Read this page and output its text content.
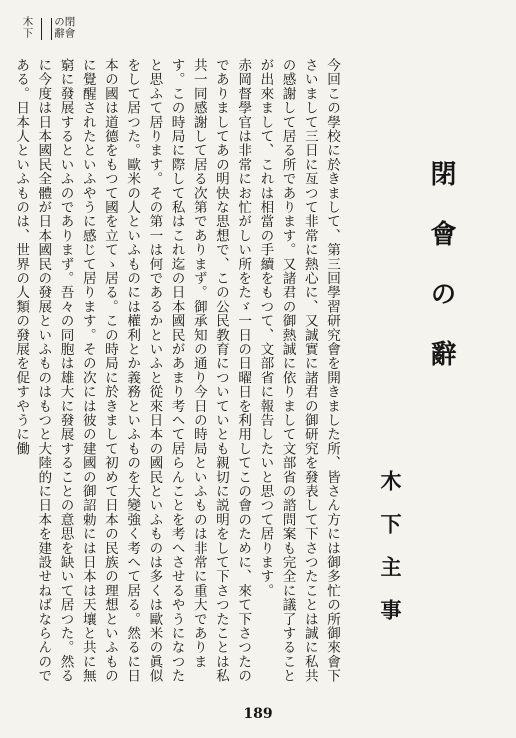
閉會の辭木下
閉會の辭
木下主事

今回この學校に於きまして、第三回學習研究會を開きました所、皆さん方には御多忙の所御來會下さいまして三日に亙つて非常に熱心に、又誠實に諸君の御研究を發表して下さつたことは誠に私共の感謝して居る所であります。又諸君の御熱誠に依りまして文部省の諮問案も完全に議了することが出來まして、これは相當の手續をもつて、文部省に報告したいと思つて居ります。

赤岡督學官は非常にお忙がしい所をたゞ一日の日曜日を利用してこの會のために、來て下さつたのでありましてあの明快な思想で、この公民教育についていとも親切に説明をして下さつたことは私共一同感謝して居る次第でありまず。御承知の通り今日の時局といふものは非常に重大であります。この時局に際して私はこれ迄の日本國民があまり考へて居らんことを考へさせるやうになつたと思ふて居ります。その第一は何であるかといふと從來日本の國民といふものは多くは歐米の眞似をして居つた。歐米の人といふものには權利とか義務といふものを大變強く考へて居る。然るに日本の國は道德をもつて國を立てゝ居る。この時局に於きまして初めて日本の民族の理想といふものに覺醒されたといふやうに感じて居ります。その次には彼の建國の御詔勅には日本は天壤と共に無窮に發展するといふのでありまず。吾々の同胞は雄大に發展することの意思を缺いて居つた。然るに今度は日本國民全體が日本國民の發展といふものはもつと大陸的に日本を建設せねばならんのである。日本人といふものは、世界の人類の發展を促すやうに働

189
